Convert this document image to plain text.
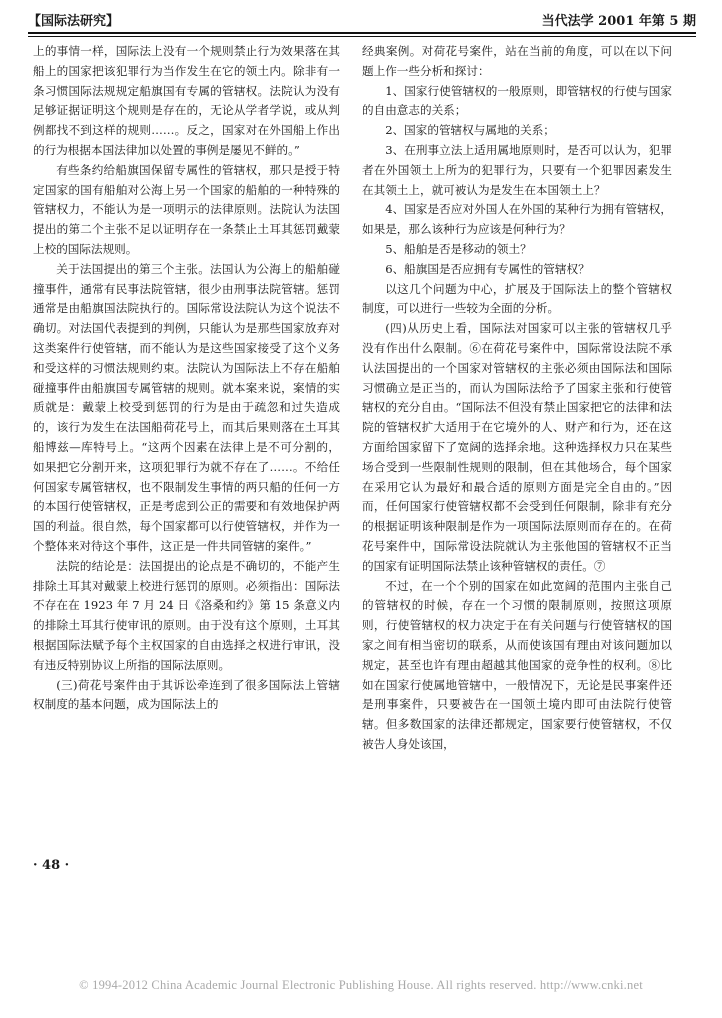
【国际法研究】	当代法学 2001 年第 5 期

上的事情一样，国际法上没有一个规则禁止行为效果落在其船上的国家把该犯罪行为当作发生在它的领土内。除非有一条习惯国际法规规定船旗国有专属的管辖权。法院认为没有足够证据证明这个规则是存在的，无论从学者学说，或从判例都找不到这样的规则……。反之，国家对在外国船上作出的行为根据本国法律加以处置的事例是屡见不鲜的。”

有些条约给船旗国保留专属性的管辖权，那只是授于特定国家的国有船舶对公海上另一个国家的船舶的一种特殊的管辖权力，不能认为是一项明示的法律原则。法院认为法国提出的第二个主张不足以证明存在一条禁止土耳其惩罚戴蒙上校的国际法规则。

关于法国提出的第三个主张。法国认为公海上的船舶碰撞事件，通常有民事法院管辖，很少由刑事法院管辖。惩罚通常是由船旗国法院执行的。国际常设法院认为这个说法不确切。对法国代表提到的判例，只能认为是那些国家放弃对这类案件行使管辖，而不能认为是这些国家接受了这个义务和受这样的习惯法规则约束。法院认为国际法上不存在船舶碰撞事件由船旗国专属管辖的规则。就本案来说，案情的实质就是：戴蒙上校受到惩罚的行为是由于疏忽和过失造成的，该行为发生在法国船荷花号上，而其后果则落在土耳其船博兹—库特号上。“这两个因素在法律上是不可分割的，如果把它分割开来，这项犯罪行为就不存在了……。不给任何国家专属管辖权，也不限制发生事情的两只船的任何一方的本国行使管辖权，正是考虑到公正的需要和有效地保护两国的利益。很自然，每个国家都可以行使管辖权，并作为一个整体来对待这个事件，这正是一件共同管辖的案件。”

法院的结论是：法国提出的论点是不确切的，不能产生排除土耳其对戴蒙上校进行惩罚的原则。必须指出：国际法不存在在 1923 年 7 月 24 日《洛桑和约》第 15 条意义内的排除土耳其行使审讯的原则。由于没有这个原则，土耳其根据国际法赋予每个主权国家的自由选择之权进行审讯，没有违反特别协议上所指的国际法原则。

(三)荷花号案件由于其诉讼牵连到了很多国际法上管辖权制度的基本问题，成为国际法上的

经典案例。对荷花号案件，站在当前的角度，可以在以下问题上作一些分析和探讨：

1、国家行使管辖权的一般原则，即管辖权的行使与国家的自由意志的关系；

2、国家的管辖权与属地的关系；

3、在刑事立法上适用属地原则时，是否可以认为，犯罪者在外国领土上所为的犯罪行为，只要有一个犯罪因素发生在其领土上，就可被认为是发生在本国领土上？

4、国家是否应对外国人在外国的某种行为拥有管辖权，如果是，那么该种行为应该是何种行为？

5、船舶是否是移动的领土？

6、船旗国是否应拥有专属性的管辖权？

以这几个问题为中心，扩展及于国际法上的整个管辖权制度，可以进行一些较为全面的分析。

(四)从历史上看，国际法对国家可以主张的管辖权几乎没有作出什么限制。⑥在荷花号案件中，国际常设法院不承认法国提出的一个国家对管辖权的主张必须由国际法和国际习惯确立是正当的，而认为国际法给予了国家主张和行使管辖权的充分自由。“国际法不但没有禁止国家把它的法律和法院的管辖权扩大适用于在它境外的人、财产和行为，还在这方面给国家留下了宽阔的选择余地。这种选择权力只在某些场合受到一些限制性规则的限制，但在其他场合，每个国家在采用它认为最好和最合适的原则方面是完全自由的。”因而，任何国家行使管辖权都不会受到任何限制，除非有充分的根据证明该种限制是作为一项国际法原则而存在的。在荷花号案件中，国际常设法院就认为主张他国的管辖权不正当的国家有证明国际法禁止该种管辖权的责任。⑦

不过，在一个个别的国家在如此宽阔的范围内主张自己的管辖权的时候，存在一个习惯的限制原则，按照这项原则，行使管辖权的权力决定于在有关问题与行使管辖权的国家之间有相当密切的联系，从而使该国有理由对该问题加以规定，甚至也许有理由超越其他国家的竞争性的权利。⑧比如在国家行使属地管辖中，一般情况下，无论是民事案件还是刑事案件，只要被告在一国领土境内即可由法院行使管辖。但多数国家的法律还都规定，国家要行使管辖权，不仅被告人身处该国，

· 48 ·
© 1994-2012 China Academic Journal Electronic Publishing House. All rights reserved. http://www.cnki.net
